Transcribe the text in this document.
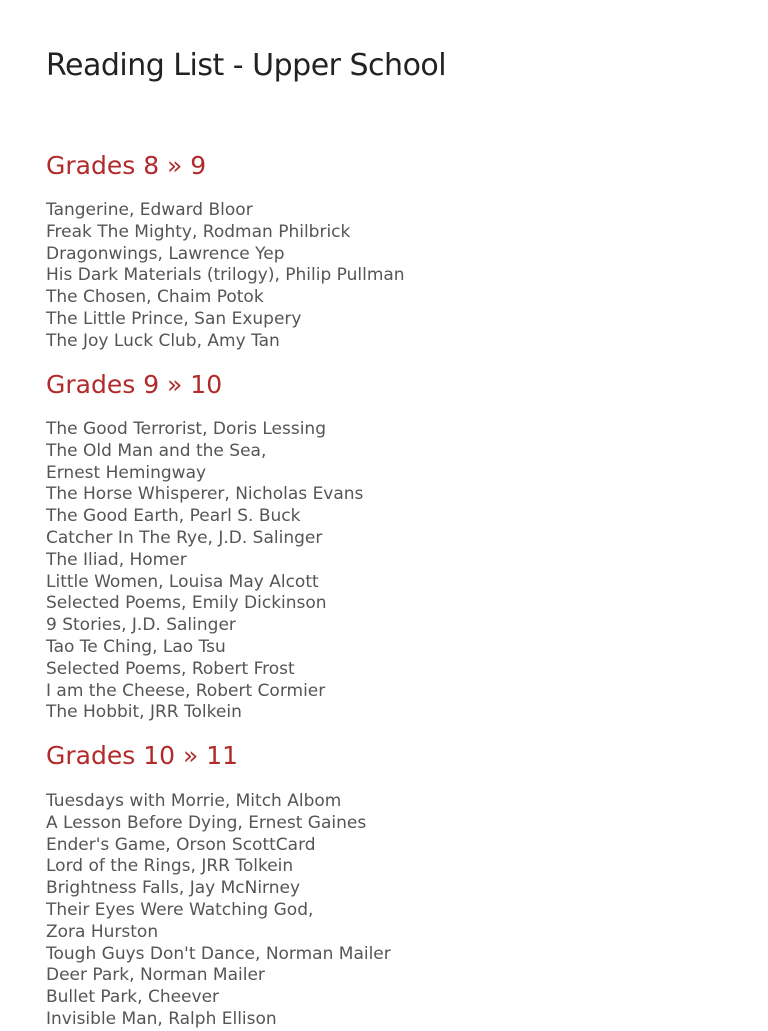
Reading List - Upper School
Grades 8 » 9
Tangerine, Edward Bloor
Freak The Mighty, Rodman Philbrick
Dragonwings, Lawrence Yep
His Dark Materials (trilogy), Philip Pullman
The Chosen, Chaim Potok
The Little Prince, San Exupery
The Joy Luck Club, Amy Tan
Grades 9 » 10
The Good Terrorist, Doris Lessing
The Old Man and the Sea,
Ernest Hemingway
The Horse Whisperer, Nicholas Evans
The Good Earth, Pearl S. Buck
Catcher In The Rye, J.D. Salinger
The Iliad, Homer
Little Women, Louisa May Alcott
Selected Poems, Emily Dickinson
9 Stories, J.D. Salinger
Tao Te Ching, Lao Tsu
Selected Poems, Robert Frost
I am the Cheese, Robert Cormier
The Hobbit, JRR Tolkein
Grades 10 » 11
Tuesdays with Morrie, Mitch Albom
A Lesson Before Dying, Ernest Gaines
Ender's Game, Orson ScottCard
Lord of the Rings, JRR Tolkein
Brightness Falls, Jay McNirney
Their Eyes Were Watching God,
Zora Hurston
Tough Guys Don't Dance, Norman Mailer
Deer Park, Norman Mailer
Bullet Park, Cheever
Invisible Man, Ralph Ellison
